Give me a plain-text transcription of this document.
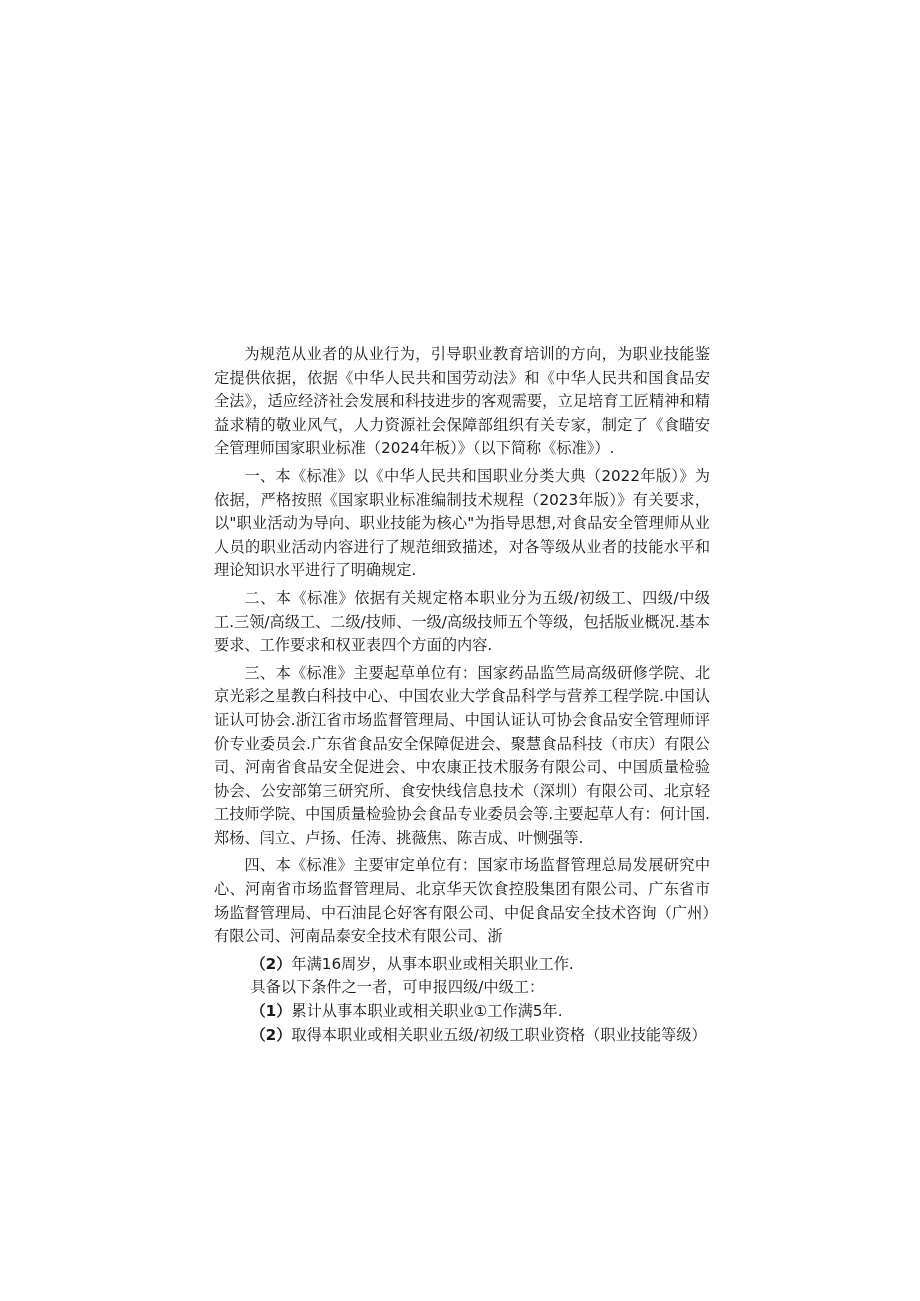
为规范从业者的从业行为，引导职业教育培训的方向，为职业技能鉴定提供依据，依据《中华人民共和国劳动法》和《中华人民共和国食品安全法》，适应经济社会发展和科技进步的客观需要，立足培育工匠精神和精益求精的敬业风气，人力资源社会保障部组织有关专家，制定了《食瞄安全管理师国家职业标准（2024年板）》（以下简称《标准》）.

一、本《标准》以《中华人民共和国职业分类大典（2022年版）》为依据，严格按照《国家职业标准编制技术规程（2023年版）》有关要求，以"职业活动为导向、职业技能为核心"为指导思想,对食品安全管理师从业人员的职业活动内容进行了规范细致描述，对各等级从业者的技能水平和理论知识水平进行了明确规定.

二、本《标准》依据有关规定格本职业分为五级/初级工、四级/中级工.三领/高级工、二级/技师、一级/高级技师五个等级，包括版业概况.基本要求、工作要求和权亚表四个方面的内容.

三、本《标准》主要起草单位有：国家药品监竺局高级研修学院、北京光彩之星教白科技中心、中国农业大学食品科学与营养工程学院.中国认证认可协会.浙江省市场监督管理局、中国认证认可协会食品安全管理师评价专业委员会.广东省食品安全保障促进会、聚慧食品科技（市庆）有限公司、河南省食品安全促进会、中农康正技术服务有限公司、中国质量检验协会、公安部第三研究所、食安快线信息技术（深圳）有限公司、北京轻工技师学院、中国质量检验协会食品专业委员会等.主要起草人有：何计国.郑杨、闫立、卢扬、任涛、挑薇焦、陈吉成、叶恻强等.

四、本《标准》主要审定单位有：国家市场监督管理总局发展研究中心、河南省市场监督管理局、北京华天饮食控股集团有限公司、广东省市场监督管理局、中石油昆仑好客有限公司、中促食品安全技术咨询（广州）有限公司、河南品泰安全技术有限公司、浙

（2）年满16周岁，从事本职业或相关职业工作.

具备以下条件之一者，可申报四级/中级工：

（1）累计从事本职业或相关职业①工作满5年.

（2）取得本职业或相关职业五级/初级工职业资格（职业技能等级）
